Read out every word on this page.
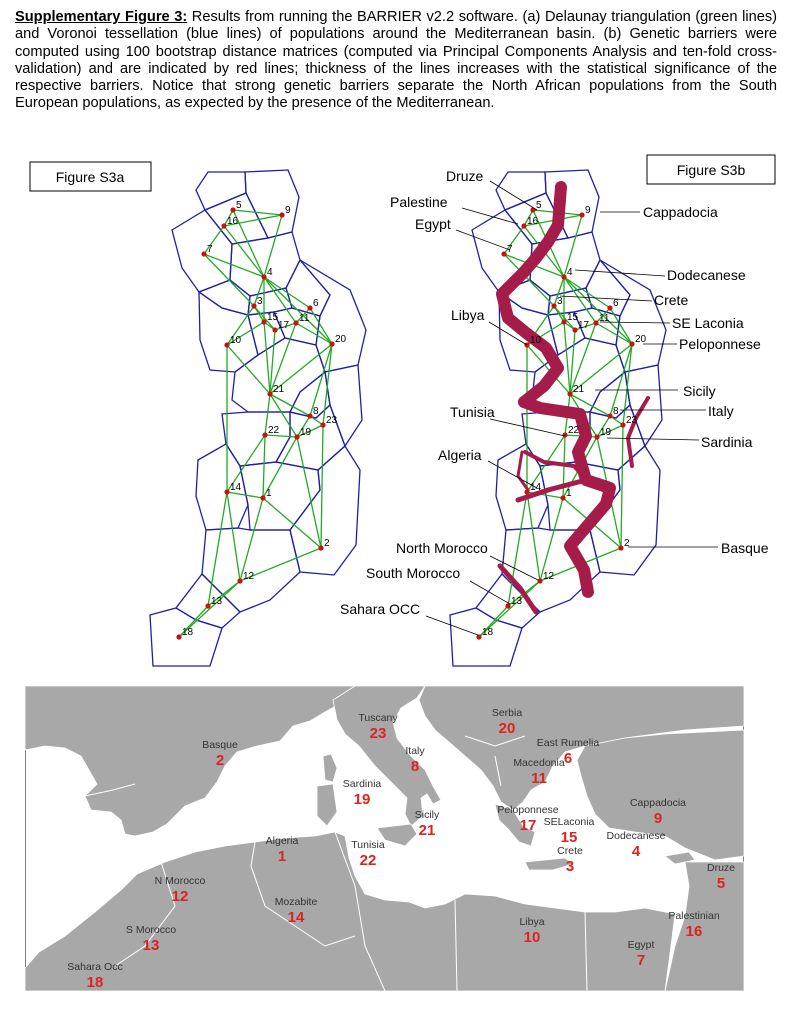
Supplementary Figure 3: Results from running the BARRIER v2.2 software. (a) Delaunay triangulation (green lines) and Voronoi tessellation (blue lines) of populations around the Mediterranean basin. (b) Genetic barriers were computed using 100 bootstrap distance matrices (computed via Principal Components Analysis and ten-fold cross-validation) and are indicated by red lines; thickness of the lines increases with the statistical significance of the respective barriers. Notice that strong genetic barriers separate the North African populations from the South European populations, as expected by the presence of the Mediterranean.
Figure S3a	Figure S3b
5	9
16
7
4
3	6
15
17
11
10	20
21
8
23
22 19
14
1
2
12
13
18
5	9
16
7
4
3	6
15
17
11
10	20
21
8
23
22 19
14
1
2
12
13
18
Druze
Palestine
Egypt
Libya
Tunisia
Algeria
North Morocco
South Morocco
Sahara OCC
Cappadocia
Dodecanese
Crete
SE Laconia
Peloponnese
Sicily
Italy
Sardinia
Basque
Tuscany
23
Serbia
20
Basque
2
Italy
8
East Rumelia
6
Macedonia
11
Sardinia
19	Cappadocia
9
Sicily
21
Peloponnese
17 SELaconia
15	Dodecanese
4
Crete
3
Algeria
1
Tunisia
22	Druze
5
N Morocco
12	Mozabite
14	Palestinian
16
S Morocco
13
Libya
10	Egypt
7
Sahara Occ
18
